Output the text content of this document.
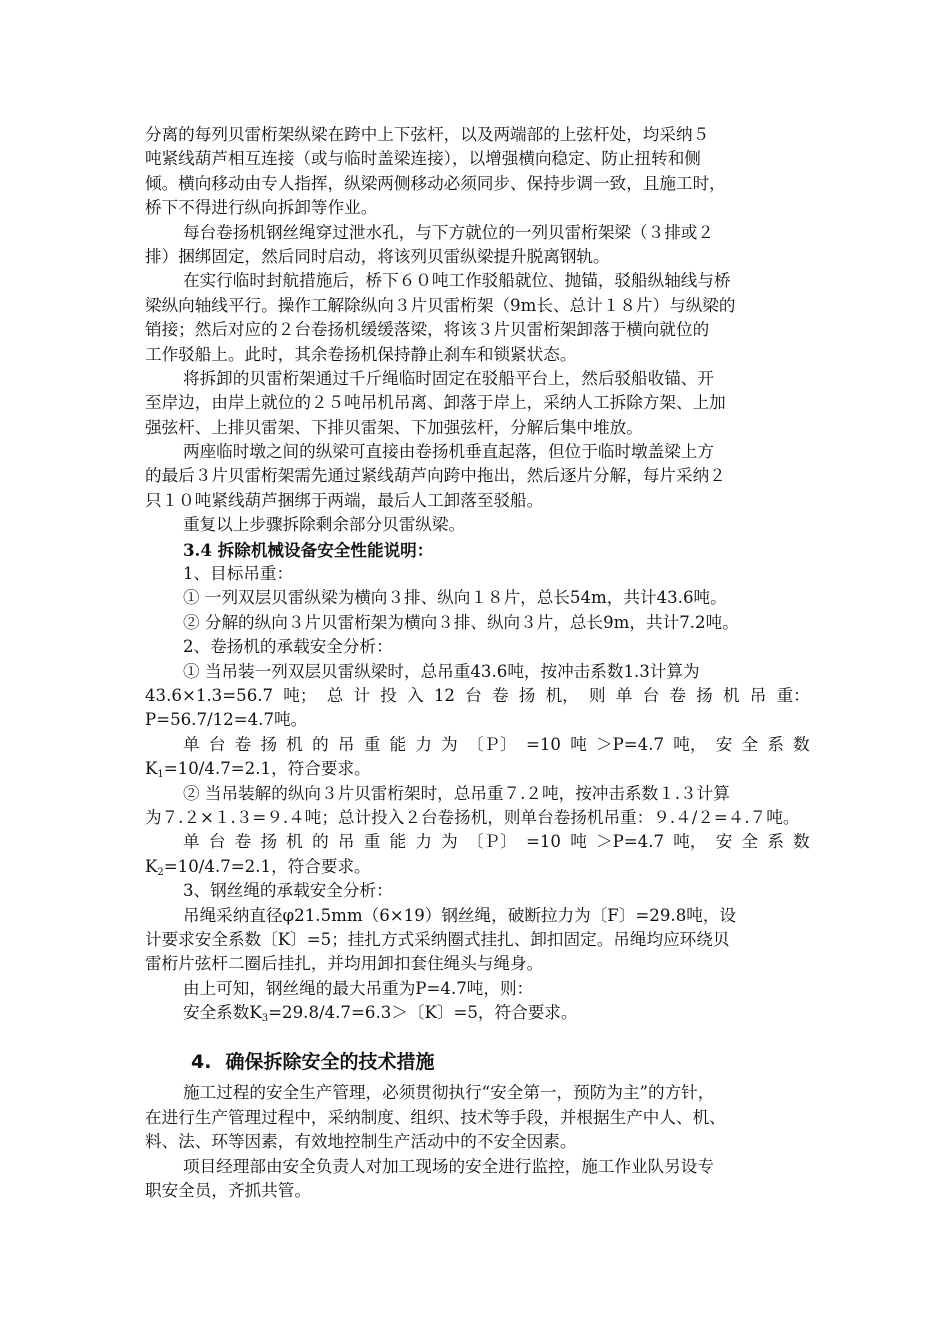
分离的每列贝雷桁架纵梁在跨中上下弦杆，以及两端部的上弦杆处，均采纳５
吨紧线葫芦相互连接（或与临时盖梁连接），以增强横向稳定、防止扭转和侧
倾。横向移动由专人指挥，纵梁两侧移动必须同步、保持步调一致，且施工时，
桥下不得进行纵向拆卸等作业。
每台卷扬机钢丝绳穿过泄水孔，与下方就位的一列贝雷桁架梁（３排或２
排）捆绑固定，然后同时启动，将该列贝雷纵梁提升脱离钢轨。
在实行临时封航措施后，桥下６０吨工作驳船就位、抛锚，驳船纵轴线与桥
梁纵向轴线平行。操作工解除纵向３片贝雷桁架（9m长、总计１８片）与纵梁的
销接；然后对应的２台卷扬机缓缓落梁，将该３片贝雷桁架卸落于横向就位的
工作驳船上。此时，其余卷扬机保持静止刹车和锁紧状态。
将拆卸的贝雷桁架通过千斤绳临时固定在驳船平台上，然后驳船收锚、开
至岸边，由岸上就位的２５吨吊机吊离、卸落于岸上，采纳人工拆除方架、上加
强弦杆、上排贝雷架、下排贝雷架、下加强弦杆，分解后集中堆放。
两座临时墩之间的纵梁可直接由卷扬机垂直起落，但位于临时墩盖梁上方
的最后３片贝雷桁架需先通过紧线葫芦向跨中拖出，然后逐片分解，每片采纳２
只１０吨紧线葫芦捆绑于两端，最后人工卸落至驳船。
重复以上步骤拆除剩余部分贝雷纵梁。
3.4 拆除机械设备安全性能说明：
1、目标吊重：
① 一列双层贝雷纵梁为横向３排、纵向１８片，总长54m，共计43.6吨。
② 分解的纵向３片贝雷桁架为横向３排、纵向３片，总长9m，共计7.2吨。
2、卷扬机的承载安全分析：
① 当吊装一列双层贝雷纵梁时，总吊重43.6吨，按冲击系数1.3计算为
43.6×1.3=56.7 吨； 总 计 投 入 12 台 卷 扬 机， 则 单 台 卷 扬 机 吊 重：
P=56.7/12=4.7吨。
单 台 卷 扬 机 的 吊 重 能 力 为 〔Ｐ〕 =10 吨 ＞P=4.7 吨， 安 全 系 数
$K_1=10/4.7=2.1$，符合要求。
② 当吊装解的纵向３片贝雷桁架时，总吊重７.２吨，按冲击系数１.３计算
为７.２×１.３=９.４吨；总计投入２台卷扬机，则单台卷扬机吊重：９.４/２=４.７吨。
单 台 卷 扬 机 的 吊 重 能 力 为 〔Ｐ〕 =10 吨 ＞P=4.7 吨， 安 全 系 数
$K_2=10/4.7=2.1$，符合要求。
3、钢丝绳的承载安全分析：
吊绳采纳直径φ21.5mm（6×19）钢丝绳，破断拉力为〔F〕=29.8吨，设
计要求安全系数〔K〕=5；挂扎方式采纳圈式挂扎、卸扣固定。吊绳均应环绕贝
雷桁片弦杆二圈后挂扎，并均用卸扣套住绳头与绳身。
由上可知，钢丝绳的最大吊重为P=4.7吨，则：
安全系数$K_3=29.8/4.7=6.3>$〔K〕=5，符合要求。
4. 确保拆除安全的技术措施
施工过程的安全生产管理，必须贯彻执行“安全第一，预防为主”的方针，
在进行生产管理过程中，采纳制度、组织、技术等手段，并根据生产中人、机、
料、法、环等因素，有效地控制生产活动中的不安全因素。
项目经理部由安全负责人对加工现场的安全进行监控，施工作业队另设专
职安全员，齐抓共管。
